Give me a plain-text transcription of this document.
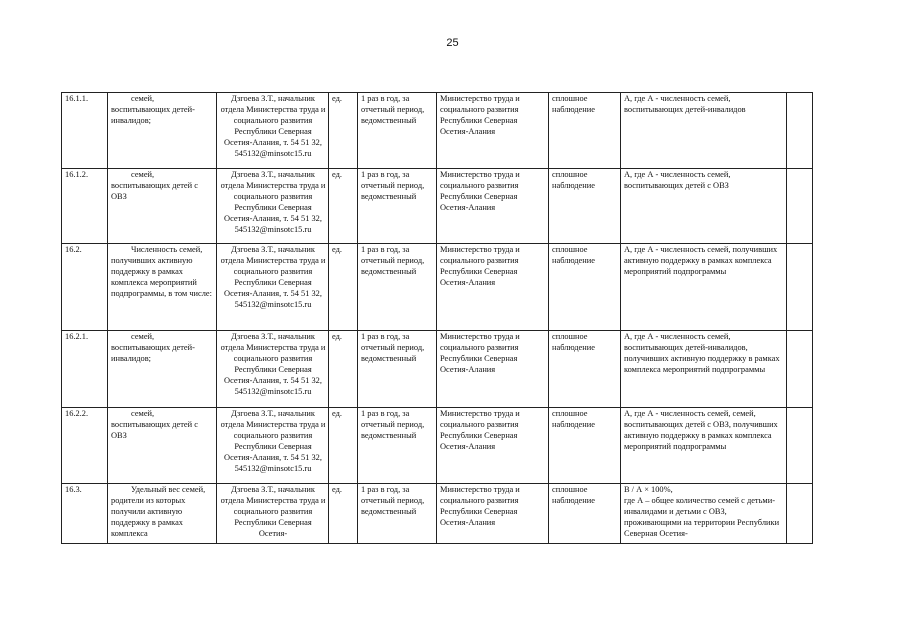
25
16.1.1.	семей, воспитывающих детей-инвалидов;	Дзгоева З.Т., начальник отдела Министерства труда и социального развития Республики Северная Осетия-Алания, т. 54 51 32, 545132@minsotc15.ru	ед.	1 раз в год, за отчетный период, ведомственный	Министерство труда и социального развития Республики Северная Осетия-Алания	сплошное наблюдение	А, где А - численность семей, воспитывающих детей-инвалидов	
16.1.2.	семей, воспитывающих детей с ОВЗ	Дзгоева З.Т., начальник отдела Министерства труда и социального развития Республики Северная Осетия-Алания, т. 54 51 32, 545132@minsotc15.ru	ед.	1 раз в год, за отчетный период, ведомственный	Министерство труда и социального развития Республики Северная Осетия-Алания	сплошное наблюдение	А, где А - численность семей, воспитывающих детей с ОВЗ	
16.2.	Численность семей, получивших активную поддержку в рамках комплекса мероприятий подпрограммы, в том числе:	Дзгоева З.Т., начальник отдела Министерства труда и социального развития Республики Северная Осетия-Алания, т. 54 51 32, 545132@minsotc15.ru	ед.	1 раз в год, за отчетный период, ведомственный	Министерство труда и социального развития Республики Северная Осетия-Алания	сплошное наблюдение	А, где А - численность семей, получивших активную поддержку в рамках комплекса мероприятий подпрограммы	
16.2.1.	семей, воспитывающих детей-инвалидов;	Дзгоева З.Т., начальник отдела Министерства труда и социального развития Республики Северная Осетия-Алания, т. 54 51 32, 545132@minsotc15.ru	ед.	1 раз в год, за отчетный период, ведомственный	Министерство труда и социального развития Республики Северная Осетия-Алания	сплошное наблюдение	А, где А - численность семей, воспитывающих детей-инвалидов, получивших активную поддержку в рамках комплекса мероприятий подпрограммы	
16.2.2.	семей, воспитывающих детей с ОВЗ	Дзгоева З.Т., начальник отдела Министерства труда и социального развития Республики Северная Осетия-Алания, т. 54 51 32, 545132@minsotc15.ru	ед.	1 раз в год, за отчетный период, ведомственный	Министерство труда и социального развития Республики Северная Осетия-Алания	сплошное наблюдение	А, где А - численность семей, семей, воспитывающих детей с ОВЗ, получивших активную поддержку в рамках комплекса мероприятий подпрограммы	
16.3.	Удельный вес семей, родители из которых получили активную поддержку в рамках комплекса	Дзгоева З.Т., начальник отдела Министерства труда и социального развития Республики Северная Осетия-	ед.	1 раз в год, за отчетный период, ведомственный	Министерство труда и социального развития Республики Северная Осетия-Алания	сплошное наблюдение	В / А × 100%,
где А – общее количество семей с детьми-инвалидами и детьми с ОВЗ, проживающими на территории Республики Северная Осетия-	
